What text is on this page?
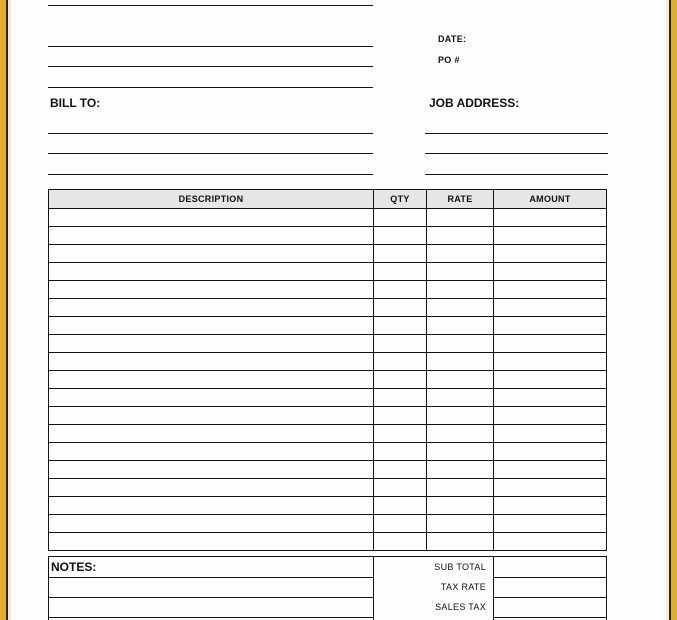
DATE:
PO #
BILL TO:	JOB ADDRESS:
DESCRIPTION	QTY	RATE	AMOUNT

NOTES:	SUB TOTAL
TAX RATE
SALES TAX
